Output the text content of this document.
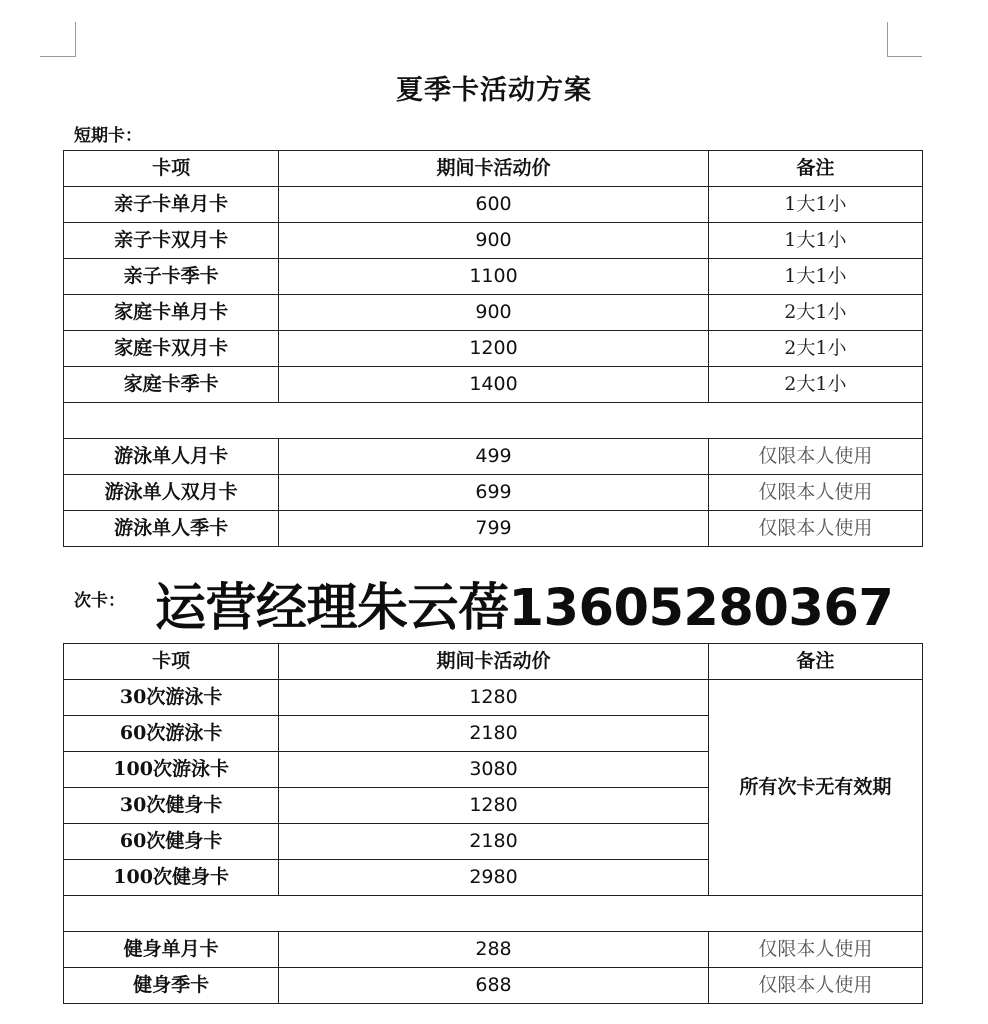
夏季卡活动方案
短期卡：
卡项	期间卡活动价	备注
亲子卡单月卡	600	1大1小
亲子卡双月卡	900	1大1小
亲子卡季卡	1100	1大1小
家庭卡单月卡	900	2大1小
家庭卡双月卡	1200	2大1小
家庭卡季卡	1400	2大1小

游泳单人月卡	499	仅限本人使用
游泳单人双月卡	699	仅限本人使用
游泳单人季卡	799	仅限本人使用
次卡： 运营经理朱云蓓13605280367
卡项	期间卡活动价	备注
30次游泳卡	1280	所有次卡无有效期
60次游泳卡	2180	
100次游泳卡	3080	
30次健身卡	1280	
60次健身卡	2180	
100次健身卡	2980	

健身单月卡	288	仅限本人使用
健身季卡	688	仅限本人使用
